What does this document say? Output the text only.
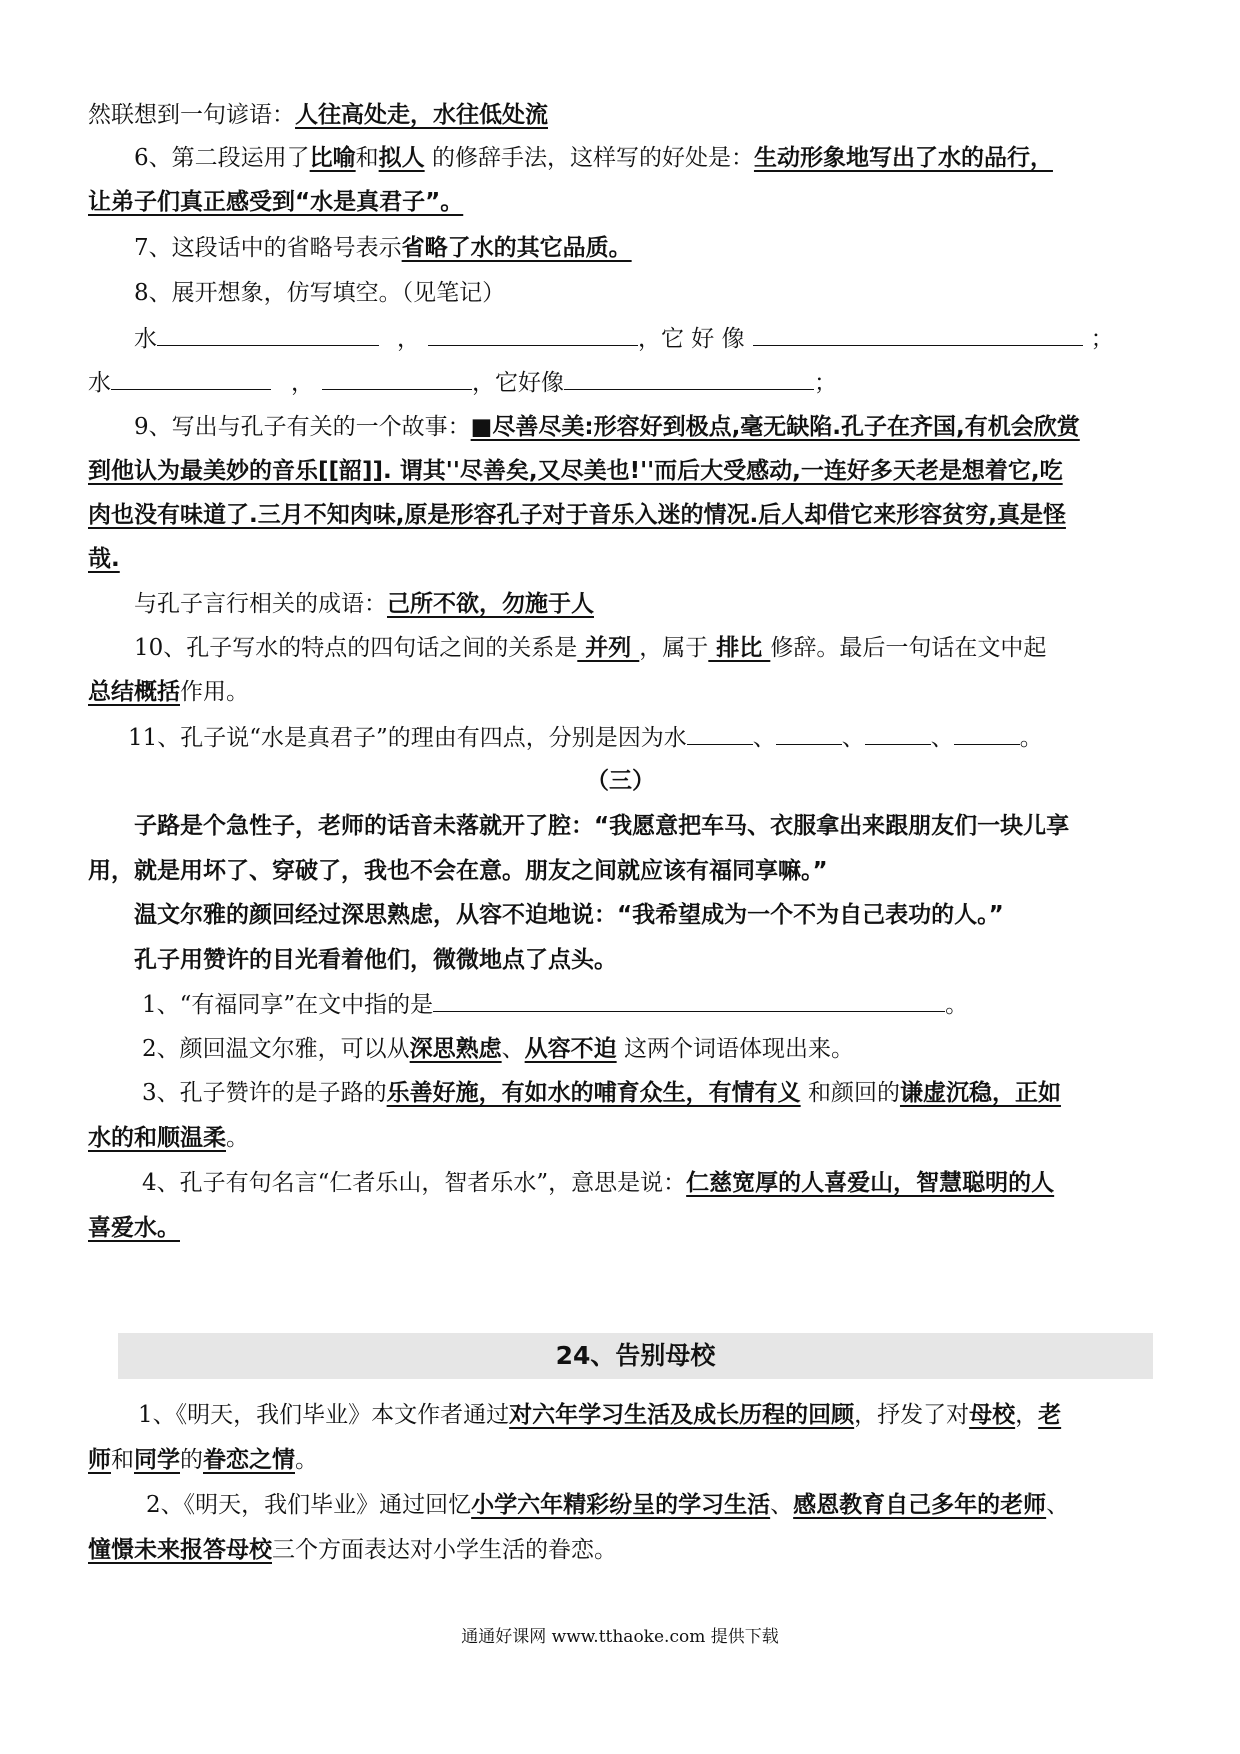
然联想到一句谚语：人往高处走，水往低处流
6、第二段运用了比喻和拟人 的修辞手法，这样写的好处是：生动形象地写出了水的品行，
让弟子们真正感受到“水是真君子”。
7、这段话中的省略号表示省略了水的其它品质。
8、展开想象，仿写填空。（见笔记）
水	，	，它 好 像	；
水	，	，它好像	；
9、写出与孔子有关的一个故事：■尽善尽美:形容好到极点,毫无缺陷.孔子在齐国,有机会欣赏
到他认为最美妙的音乐[[韶]]. 谓其''尽善矣,又尽美也!''而后大受感动,一连好多天老是想着它,吃
肉也没有味道了.三月不知肉味,原是形容孔子对于音乐入迷的情况.后人却借它来形容贫穷,真是怪
哉.
与孔子言行相关的成语：己所不欲，勿施于人
10、孔子写水的特点的四句话之间的关系是 并列 ，属于 排比 修辞。最后一句话在文中起
总结概括作用。
11、孔子说“水是真君子”的理由有四点，分别是因为水	、	、	、	。
（三）
子路是个急性子，老师的话音未落就开了腔：“我愿意把车马、衣服拿出来跟朋友们一块儿享
用，就是用坏了、穿破了，我也不会在意。朋友之间就应该有福同享嘛。”
温文尔雅的颜回经过深思熟虑，从容不迫地说：“我希望成为一个不为自己表功的人。”
孔子用赞许的目光看着他们，微微地点了点头。
1、“有福同享”在文中指的是	。
2、颜回温文尔雅，可以从深思熟虑、从容不迫 这两个词语体现出来。
3、孔子赞许的是子路的乐善好施，有如水的哺育众生，有情有义 和颜回的谦虚沉稳，正如
水的和顺温柔。
4、孔子有句名言“仁者乐山，智者乐水”，意思是说：仁慈宽厚的人喜爱山，智慧聪明的人
喜爱水。
24、告别母校
1、《明天，我们毕业》本文作者通过对六年学习生活及成长历程的回顾，抒发了对母校，老
师和同学的眷恋之情。
2、《明天，我们毕业》通过回忆小学六年精彩纷呈的学习生活、感恩教育自己多年的老师、
憧憬未来报答母校三个方面表达对小学生活的眷恋。
通通好课网 www.tthaoke.com 提供下载
